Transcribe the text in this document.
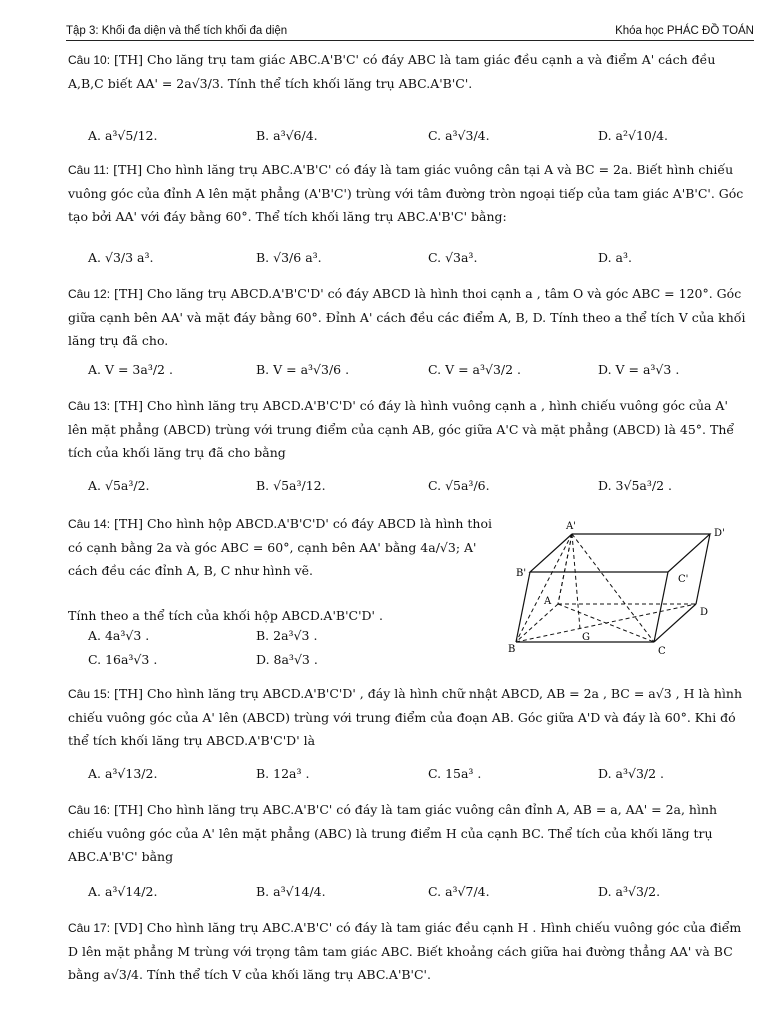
Tập 3: Khối đa diện và thể tích khối đa diện	Khóa học PHÁC ĐỒ TOÁN
Câu 10: [TH] Cho lăng trụ tam giác ABC.A'B'C' có đáy ABC là tam giác đều cạnh a và điểm A' cách đều A,B,C biết AA' = 2a√3/3. Tính thể tích khối lăng trụ ABC.A'B'C'.
A. a³√5/12.	B. a³√6/4.	C. a³√3/4.	D. a²√10/4.
Câu 11: [TH] Cho hình lăng trụ ABC.A'B'C' có đáy là tam giác vuông cân tại A và BC = 2a. Biết hình chiếu vuông góc của đỉnh A lên mặt phẳng (A'B'C') trùng với tâm đường tròn ngoại tiếp của tam giác A'B'C'. Góc tạo bởi AA' với đáy bằng 60°. Thể tích khối lăng trụ ABC.A'B'C' bằng:
A. √3/3 a³.	B. √3/6 a³.	C. √3a³.	D. a³.
Câu 12: [TH] Cho lăng trụ ABCD.A'B'C'D' có đáy ABCD là hình thoi cạnh a , tâm O và góc ABC = 120°. Góc giữa cạnh bên AA' và mặt đáy bằng 60°. Đỉnh A' cách đều các điểm A, B, D. Tính theo a thể tích V của khối lăng trụ đã cho.
A. V = 3a³/2 .	B. V = a³√3/6 .	C. V = a³√3/2 .	D. V = a³√3 .
Câu 13: [TH] Cho hình lăng trụ ABCD.A'B'C'D' có đáy là hình vuông cạnh a , hình chiếu vuông góc của A' lên mặt phẳng (ABCD) trùng với trung điểm của cạnh AB, góc giữa A'C và mặt phẳng (ABCD) là 45°. Thể tích của khối lăng trụ đã cho bằng
A. √5a³/2.	B. √5a³/12.	C. √5a³/6.	D. 3√5a³/2 .
Câu 14: [TH] Cho hình hộp ABCD.A'B'C'D' có đáy ABCD là hình thoi có cạnh bằng 2a và góc ABC = 60°, cạnh bên AA' bằng 4a/√3; A' cách đều các đỉnh A, B, C như hình vẽ.
Tính theo a thể tích của khối hộp ABCD.A'B'C'D' .
A. 4a³√3 .	B. 2a³√3 .
C. 16a³√3 .	D. 8a³√3 .
A'
D'
B'
C'
A
D
B	C
G
Câu 15: [TH] Cho hình lăng trụ ABCD.A'B'C'D' , đáy là hình chữ nhật ABCD, AB = 2a , BC = a√3 , H là hình chiếu vuông góc của A' lên (ABCD) trùng với trung điểm của đoạn AB. Góc giữa A'D và đáy là 60°. Khi đó thể tích khối lăng trụ ABCD.A'B'C'D' là
A. a³√13/2.	B. 12a³ .	C. 15a³ .	D. a³√3/2 .
Câu 16: [TH] Cho hình lăng trụ ABC.A'B'C' có đáy là tam giác vuông cân đỉnh A, AB = a, AA' = 2a, hình chiếu vuông góc của A' lên mặt phẳng (ABC) là trung điểm H của cạnh BC. Thể tích của khối lăng trụ ABC.A'B'C' bằng
A. a³√14/2.	B. a³√14/4.	C. a³√7/4.	D. a³√3/2.
Câu 17: [VD] Cho hình lăng trụ ABC.A'B'C' có đáy là tam giác đều cạnh H . Hình chiếu vuông góc của điểm D lên mặt phẳng M trùng với trọng tâm tam giác ABC. Biết khoảng cách giữa hai đường thẳng AA' và BC bằng a√3/4. Tính thể tích V của khối lăng trụ ABC.A'B'C'.
